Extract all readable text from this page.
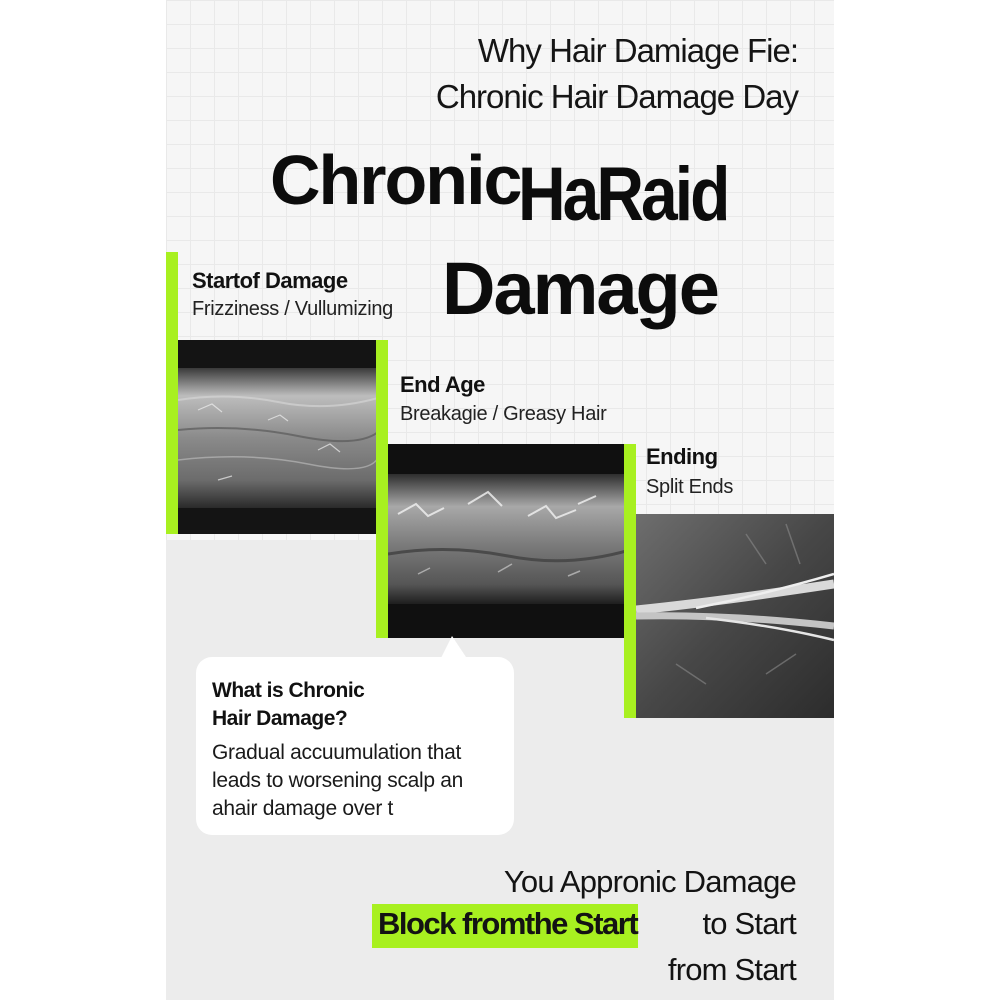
Why Hair Damiage Fie:
Chronic Hair Damage Day
Chronic
HaRaid
Damage
Startof Damage
Frizziness / Vullumizing
End Age
Breakagie / Greasy Hair
Ending
Split Ends
What is Chronic
Hair Damage?
Gradual accuumulation that
leads to worsening scalp an
ahair damage over t
You Appronic Damage
Block fromthe Start to Start
from Start
